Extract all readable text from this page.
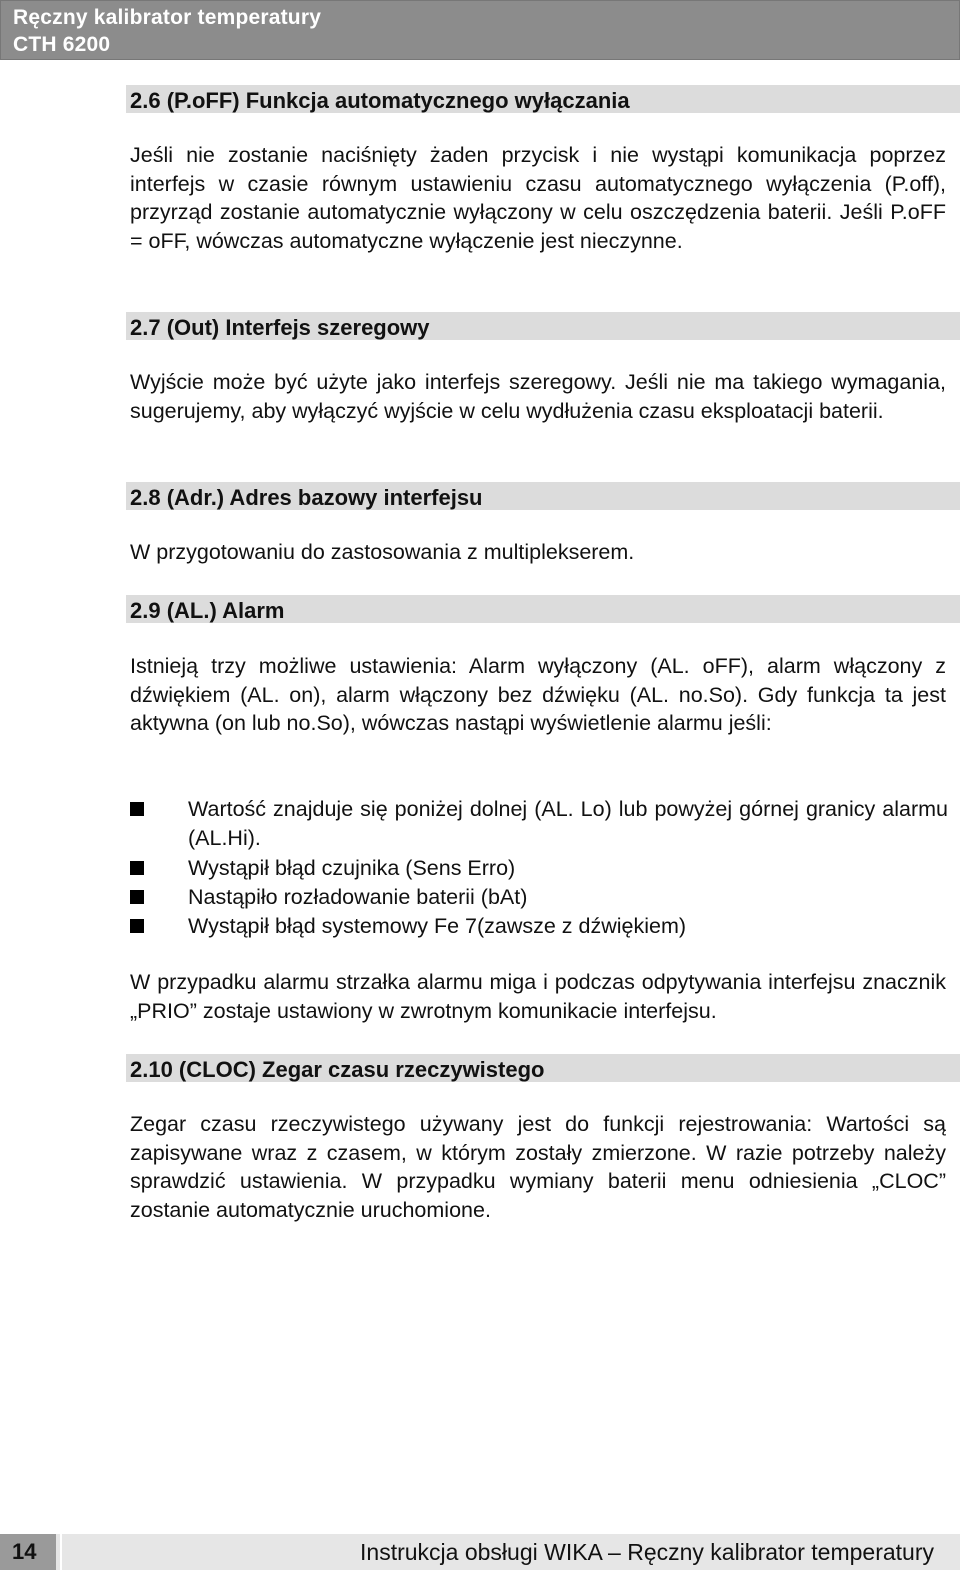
Ręczny kalibrator temperatury
CTH 6200
2.6 (P.oFF) Funkcja automatycznego wyłączania
Jeśli nie zostanie naciśnięty żaden przycisk i nie wystąpi komunikacja poprzez interfejs w czasie równym ustawieniu czasu automatycznego wyłączenia (P.off), przyrząd zostanie automatycznie wyłączony w celu oszczędzenia baterii. Jeśli P.oFF = oFF, wówczas automatyczne wyłączenie jest nieczynne.
2.7 (Out) Interfejs szeregowy
Wyjście może być użyte jako interfejs szeregowy. Jeśli nie ma takiego wymagania, sugerujemy, aby wyłączyć wyjście w celu wydłużenia czasu eksploatacji baterii.
2.8 (Adr.) Adres bazowy interfejsu
W przygotowaniu do zastosowania z multiplekserem.
2.9 (AL.) Alarm
Istnieją trzy możliwe ustawienia: Alarm wyłączony (AL. oFF), alarm włączony z dźwiękiem (AL. on), alarm włączony bez dźwięku (AL. no.So). Gdy funkcja ta jest aktywna (on lub no.So), wówczas nastąpi wyświetlenie alarmu jeśli:
Wartość znajduje się poniżej dolnej (AL. Lo) lub powyżej górnej granicy alarmu (AL.Hi).
Wystąpił błąd czujnika (Sens Erro)
Nastąpiło rozładowanie baterii (bAt)
Wystąpił błąd systemowy Fe 7(zawsze z dźwiękiem)
W przypadku alarmu strzałka alarmu miga i podczas odpytywania interfejsu znacznik „PRIO” zostaje ustawiony w zwrotnym komunikacie interfejsu.
2.10 (CLOC) Zegar czasu rzeczywistego
Zegar czasu rzeczywistego używany jest do funkcji rejestrowania: Wartości są zapisywane wraz z czasem, w którym zostały zmierzone. W razie potrzeby należy sprawdzić ustawienia. W przypadku wymiany baterii menu odniesienia „CLOC” zostanie automatycznie uruchomione.
14	Instrukcja obsługi WIKA – Ręczny kalibrator temperatury
